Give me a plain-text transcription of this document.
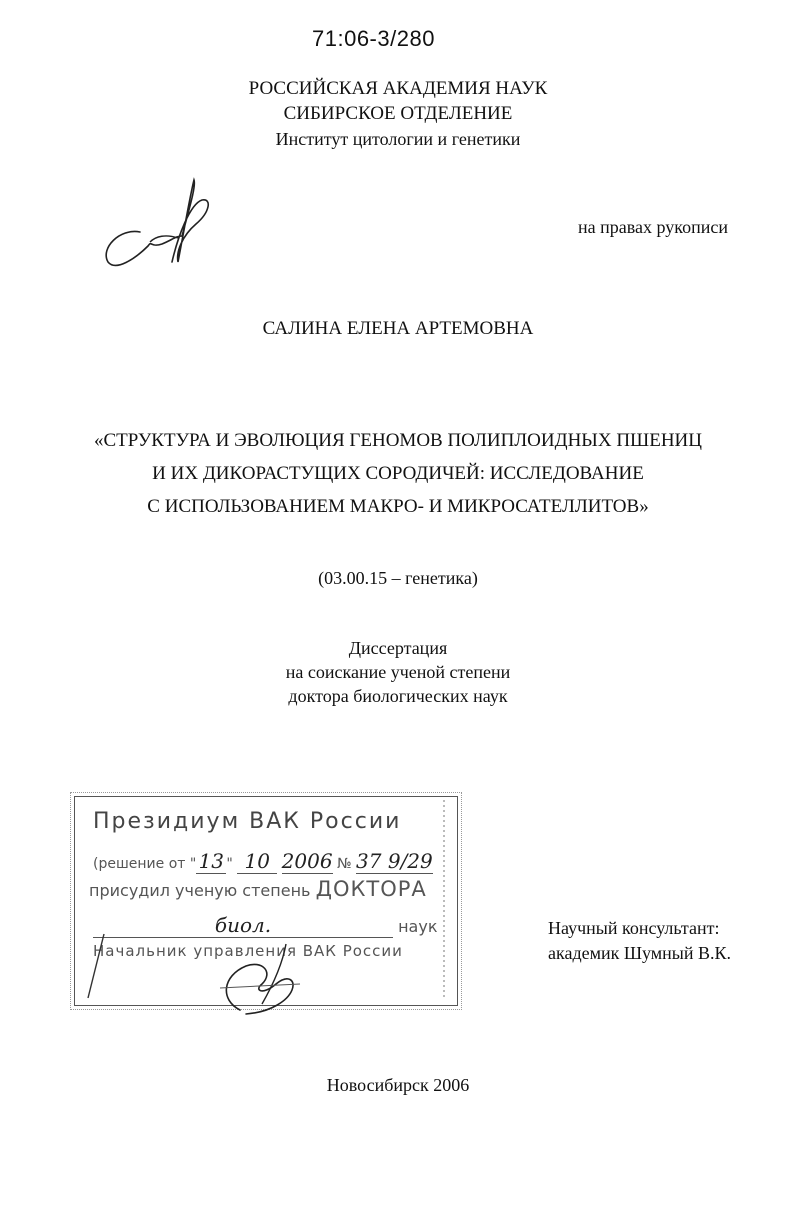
71:06-3/280
РОССИЙСКАЯ АКАДЕМИЯ НАУК
СИБИРСКОЕ ОТДЕЛЕНИЕ
Институт цитологии и генетики
на правах рукописи
САЛИНА ЕЛЕНА АРТЕМОВНА
«СТРУКТУРА И ЭВОЛЮЦИЯ ГЕНОМОВ ПОЛИПЛОИДНЫХ ПШЕНИЦ
И ИХ ДИКОРАСТУЩИХ СОРОДИЧЕЙ: ИССЛЕДОВАНИЕ
С ИСПОЛЬЗОВАНИЕМ МАКРО- И МИКРОСАТЕЛЛИТОВ»
(03.00.15 – генетика)
Диссертация
на соискание ученой степени
доктора биологических наук
Президиум ВАК России
(решение от " 13 " 10 2006 № 37 9/29
присудил ученую степень ДОКТОРА
биол.	наук
Начальник управления ВАК России
Научный консультант:
академик Шумный В.К.
Новосибирск 2006
